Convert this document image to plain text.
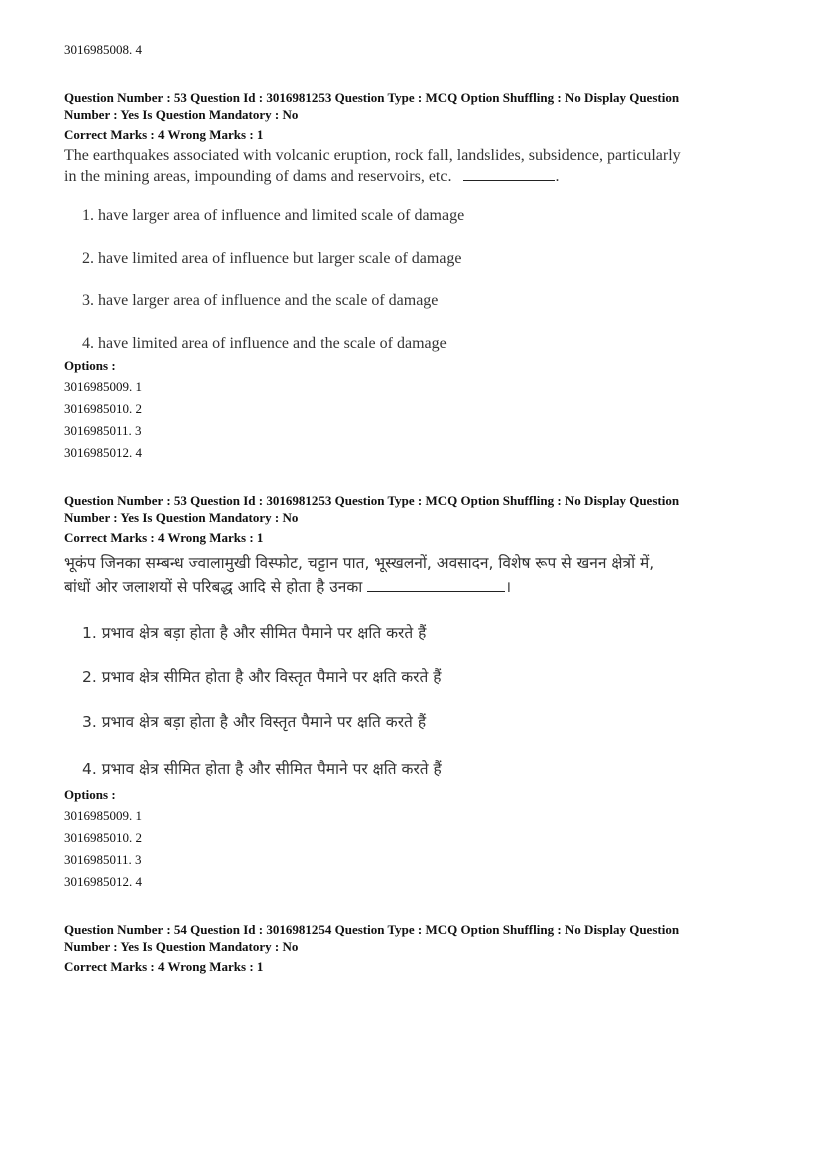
3016985008. 4
Question Number : 53 Question Id : 3016981253 Question Type : MCQ Option Shuffling : No Display Question
Number : Yes Is Question Mandatory : No
Correct Marks : 4 Wrong Marks : 1
The earthquakes associated with volcanic eruption, rock fall, landslides, subsidence, particularly
in the mining areas, impounding of dams and reservoirs, etc.	.
1. have larger area of influence and limited scale of damage
2. have limited area of influence but larger scale of damage
3. have larger area of influence and the scale of damage
4. have limited area of influence and the scale of damage
Options :
3016985009. 1
3016985010. 2
3016985011. 3
3016985012. 4
Question Number : 53 Question Id : 3016981253 Question Type : MCQ Option Shuffling : No Display Question
Number : Yes Is Question Mandatory : No
Correct Marks : 4 Wrong Marks : 1
भूकंप जिनका सम्बन्ध ज्वालामुखी विस्फोट, चट्टान पात, भूस्खलनों, अवसादन, विशेष रूप से खनन क्षेत्रों में,
बांधों ओर जलाशयों से परिबद्ध आदि से होता है उनका	।
1. प्रभाव क्षेत्र बड़ा होता है और सीमित पैमाने पर क्षति करते हैं
2. प्रभाव क्षेत्र सीमित होता है और विस्तृत पैमाने पर क्षति करते हैं
3. प्रभाव क्षेत्र बड़ा होता है और विस्तृत पैमाने पर क्षति करते हैं
4. प्रभाव क्षेत्र सीमित होता है और सीमित पैमाने पर क्षति करते हैं
Options :
3016985009. 1
3016985010. 2
3016985011. 3
3016985012. 4
Question Number : 54 Question Id : 3016981254 Question Type : MCQ Option Shuffling : No Display Question
Number : Yes Is Question Mandatory : No
Correct Marks : 4 Wrong Marks : 1
